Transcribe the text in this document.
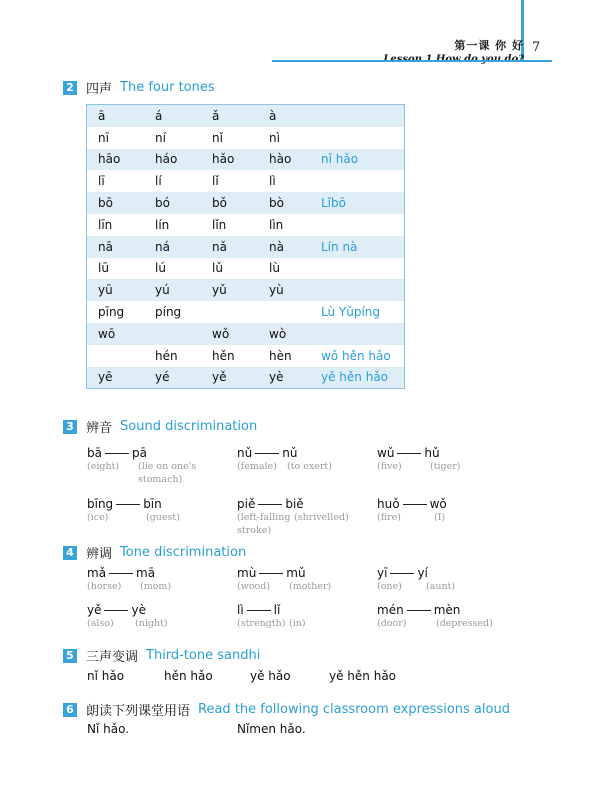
第一课 你 好 7
2 四声 The four tones
ā	á	ǎ	à	
nī	ní	nǐ	nì	
hāo	háo	hǎo	hào	nǐ hǎo
lī	lí	lǐ	lì	
bō	bó	bǒ	bò	Lǐbō
līn	lín	lǐn	lìn	
nā	ná	nǎ	nà	Lín nà
lū	lú	lǔ	lù	
yū	yú	yǔ	yù	
pīng	píng			Lù Yǔpíng
wō		wǒ	wò	
	hén	hěn	hèn	wǒ hěn hǎo
yē	yé	yě	yè	yě hěn hǎo
3 辨音 Sound discrimination
bā	pā
(eight) (lie on one's stomach)
nǔ	nǔ
(female) (to exert)
wǔ	hǔ
(five)	(tiger)
bīng	bīn
(ice)	(guest)
piě	biě
(left-falling stroke)
(shrivelled)
huǒ	wǒ
(fire)	(I)
4 辨调 Tone discrimination
mǎ	mā
(horse) (mom)
mù	mǔ
(wood) (mother)
yī	yí
(one)	(aunt)
yě	yè
(also) (night)
lì	lǐ
(strength) (in)
mén	mèn
(door)	(depressed)
5 三声变调 Third-tone sandhi
nǐ hǎo	hěn hǎo	yě hǎo	yě hěn hǎo
6 朗读下列课堂用语 Read the following classroom expressions aloud
Nǐ hǎo.	Nǐmen hǎo.
